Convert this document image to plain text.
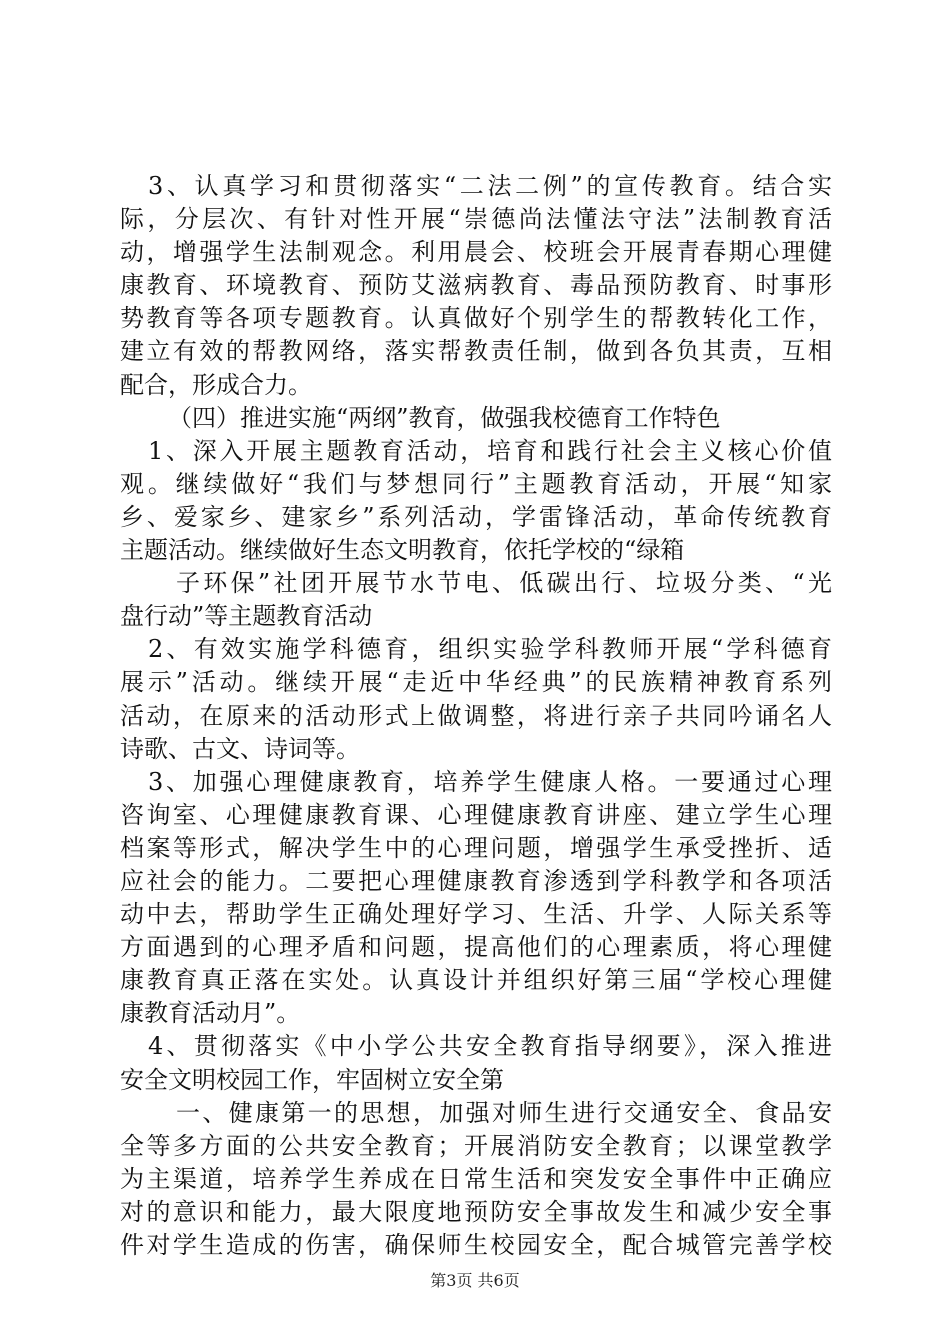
3、认真学习和贯彻落实“二法二例”的宣传教育。结合实
际，分层次、有针对性开展“崇德尚法懂法守法”法制教育活
动，增强学生法制观念。利用晨会、校班会开展青春期心理健
康教育、环境教育、预防艾滋病教育、毒品预防教育、时事形
势教育等各项专题教育。认真做好个别学生的帮教转化工作，
建立有效的帮教网络，落实帮教责任制，做到各负其责，互相
配合，形成合力。
（四）推进实施“两纲”教育，做强我校德育工作特色
1、深入开展主题教育活动，培育和践行社会主义核心价值
观。继续做好“我们与梦想同行”主题教育活动，开展“知家
乡、爱家乡、建家乡”系列活动，学雷锋活动，革命传统教育
主题活动。继续做好生态文明教育，依托学校的“绿箱
子环保”社团开展节水节电、低碳出行、垃圾分类、“光
盘行动”等主题教育活动
2、有效实施学科德育，组织实验学科教师开展“学科德育
展示”活动。继续开展“走近中华经典”的民族精神教育系列
活动，在原来的活动形式上做调整，将进行亲子共同吟诵名人
诗歌、古文、诗词等。
3、加强心理健康教育，培养学生健康人格。一要通过心理
咨询室、心理健康教育课、心理健康教育讲座、建立学生心理
档案等形式，解决学生中的心理问题，增强学生承受挫折、适
应社会的能力。二要把心理健康教育渗透到学科教学和各项活
动中去，帮助学生正确处理好学习、生活、升学、人际关系等
方面遇到的心理矛盾和问题，提高他们的心理素质，将心理健
康教育真正落在实处。认真设计并组织好第三届“学校心理健
康教育活动月”。
4、贯彻落实《中小学公共安全教育指导纲要》，深入推进
安全文明校园工作，牢固树立安全第
一、健康第一的思想，加强对师生进行交通安全、食品安
全等多方面的公共安全教育；开展消防安全教育；以课堂教学
为主渠道，培养学生养成在日常生活和突发安全事件中正确应
对的意识和能力，最大限度地预防安全事故发生和减少安全事
件对学生造成的伤害，确保师生校园安全，配合城管完善学校
第3页 共6页
